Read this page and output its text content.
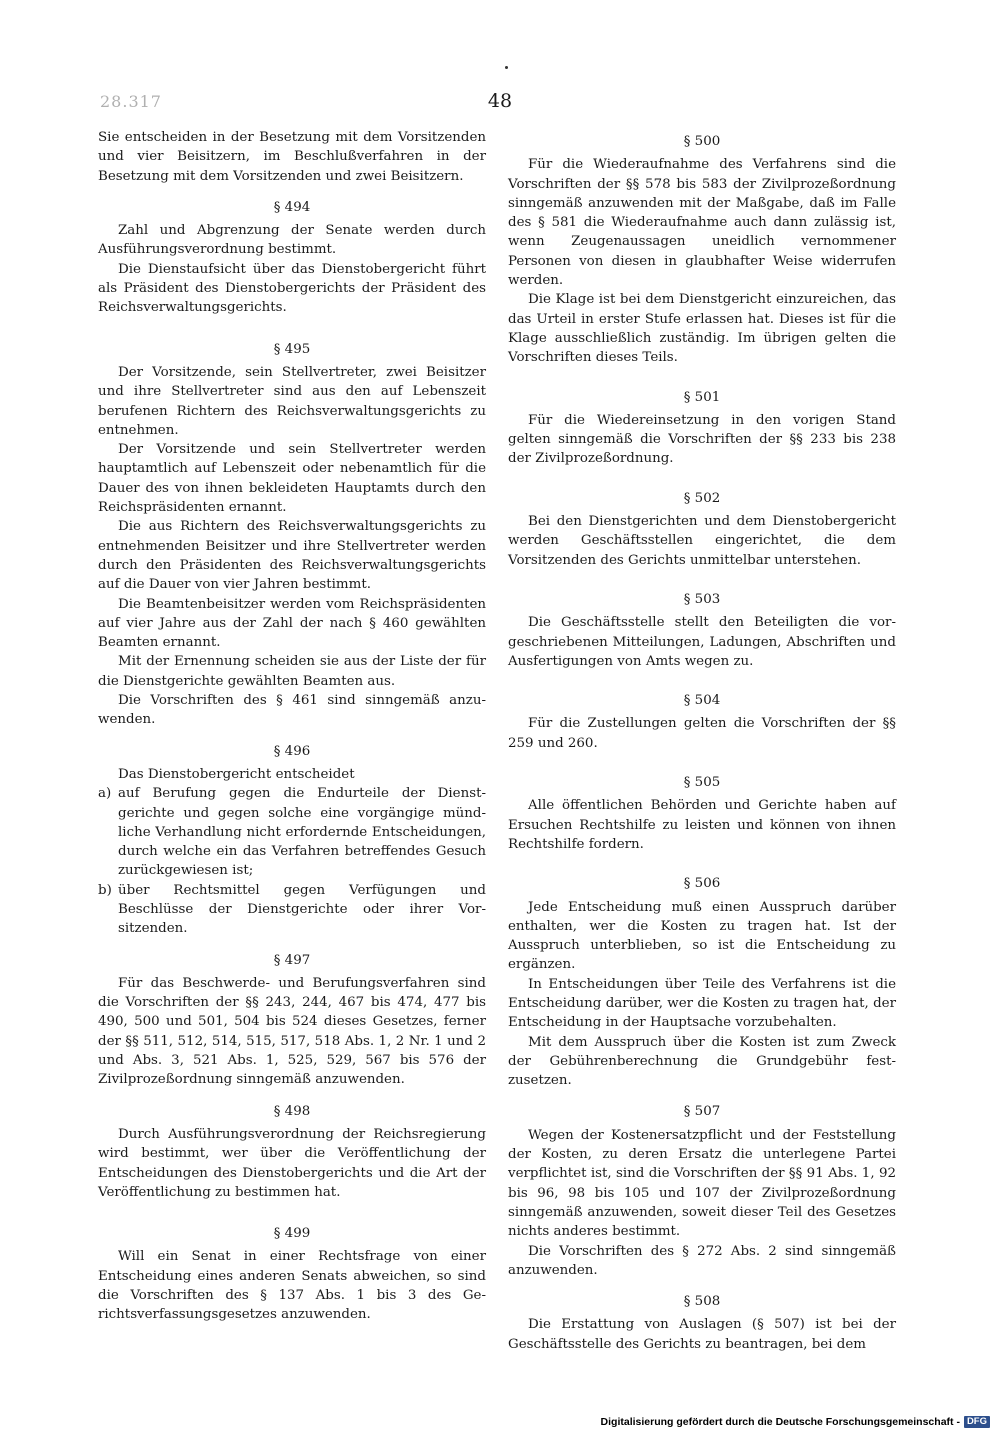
28.317	48

Sie entscheiden in der Besetzung mit dem Vorsitzenden und vier Beisitzern, im Beschlußverfahren in der Besetzung mit dem Vorsitzenden und zwei Beisitzern.

§ 494

Zahl und Abgrenzung der Senate werden durch Ausführungsverordnung bestimmt.

Die Dienstaufsicht über das Dienstobergericht führt als Präsident des Dienstobergerichts der Präsident des Reichsverwaltungsgerichts.

§ 495

Der Vorsitzende, sein Stellvertreter, zwei Beisitzer und ihre Stellvertreter sind aus den auf Lebenszeit berufenen Richtern des Reichsverwaltungsgerichts zu entnehmen.

Der Vorsitzende und sein Stellvertreter werden hauptamtlich auf Lebenszeit oder nebenamtlich für die Dauer des von ihnen bekleideten Hauptamts durch den Reichspräsidenten ernannt.

Die aus Richtern des Reichsverwaltungsgerichts zu entnehmenden Beisitzer und ihre Stellvertreter werden durch den Präsidenten des Reichsverwaltungsgerichts auf die Dauer von vier Jahren bestimmt.

Die Beamtenbeisitzer werden vom Reichspräsidenten auf vier Jahre aus der Zahl der nach § 460 gewählten Beamten ernannt.

Mit der Ernennung scheiden sie aus der Liste der für die Dienstgerichte gewählten Beamten aus.

Die Vorschriften des § 461 sind sinngemäß anzuwenden.

§ 496

Das Dienstobergericht entscheidet

a) auf Berufung gegen die Endurteile der Dienstgerichte und gegen solche eine vorgängige mündliche Verhandlung nicht erfordernde Entscheidungen, durch welche ein das Verfahren betreffendes Gesuch zurückgewiesen ist;
b) über Rechtsmittel gegen Verfügungen und Beschlüsse der Dienstgerichte oder ihrer Vorsitzenden.
§ 497

Für das Beschwerde- und Berufungsverfahren sind die Vorschriften der §§ 243, 244, 467 bis 474, 477 bis 490, 500 und 501, 504 bis 524 dieses Gesetzes, ferner der §§ 511, 512, 514, 515, 517, 518 Abs. 1, 2 Nr. 1 und 2 und Abs. 3, 521 Abs. 1, 525, 529, 567 bis 576 der Zivilprozeßordnung sinngemäß anzuwenden.

§ 498

Durch Ausführungsverordnung der Reichsregierung wird bestimmt, wer über die Veröffentlichung der Entscheidungen des Dienstobergerichts und die Art der Veröffentlichung zu bestimmen hat.

§ 499

Will ein Senat in einer Rechtsfrage von einer Entscheidung eines anderen Senats abweichen, so sind die Vorschriften des § 137 Abs. 1 bis 3 des Gerichtsverfassungsgesetzes anzuwenden.

§ 500

Für die Wiederaufnahme des Verfahrens sind die Vorschriften der §§ 578 bis 583 der Zivilprozeßordnung sinngemäß anzuwenden mit der Maßgabe, daß im Falle des § 581 die Wiederaufnahme auch dann zulässig ist, wenn Zeugenaussagen uneidlich vernommener Personen von diesen in glaubhafter Weise widerrufen werden.

Die Klage ist bei dem Dienstgericht einzureichen, das das Urteil in erster Stufe erlassen hat. Dieses ist für die Klage ausschließlich zuständig. Im übrigen gelten die Vorschriften dieses Teils.

§ 501

Für die Wiedereinsetzung in den vorigen Stand gelten sinngemäß die Vorschriften der §§ 233 bis 238 der Zivilprozeßordnung.

§ 502

Bei den Dienstgerichten und dem Dienstobergericht werden Geschäftsstellen eingerichtet, die dem Vorsitzenden des Gerichts unmittelbar unterstehen.

§ 503

Die Geschäftsstelle stellt den Beteiligten die vorgeschriebenen Mitteilungen, Ladungen, Abschriften und Ausfertigungen von Amts wegen zu.

§ 504

Für die Zustellungen gelten die Vorschriften der §§ 259 und 260.

§ 505

Alle öffentlichen Behörden und Gerichte haben auf Ersuchen Rechtshilfe zu leisten und können von ihnen Rechtshilfe fordern.

§ 506

Jede Entscheidung muß einen Ausspruch darüber enthalten, wer die Kosten zu tragen hat. Ist der Ausspruch unterblieben, so ist die Entscheidung zu ergänzen.

In Entscheidungen über Teile des Verfahrens ist die Entscheidung darüber, wer die Kosten zu tragen hat, der Entscheidung in der Hauptsache vorzubehalten.

Mit dem Ausspruch über die Kosten ist zum Zweck der Gebührenberechnung die Grundgebühr festzusetzen.

§ 507

Wegen der Kostenersatzpflicht und der Feststellung der Kosten, zu deren Ersatz die unterlegene Partei verpflichtet ist, sind die Vorschriften der §§ 91 Abs. 1, 92 bis 96, 98 bis 105 und 107 der Zivilprozeßordnung sinngemäß anzuwenden, soweit dieser Teil des Gesetzes nichts anderes bestimmt.

Die Vorschriften des § 272 Abs. 2 sind sinngemäß anzuwenden.

§ 508

Die Erstattung von Auslagen (§ 507) ist bei der Geschäftsstelle des Gerichts zu beantragen, bei dem

Digitalisierung gefördert durch die Deutsche Forschungsgemeinschaft - DFG
